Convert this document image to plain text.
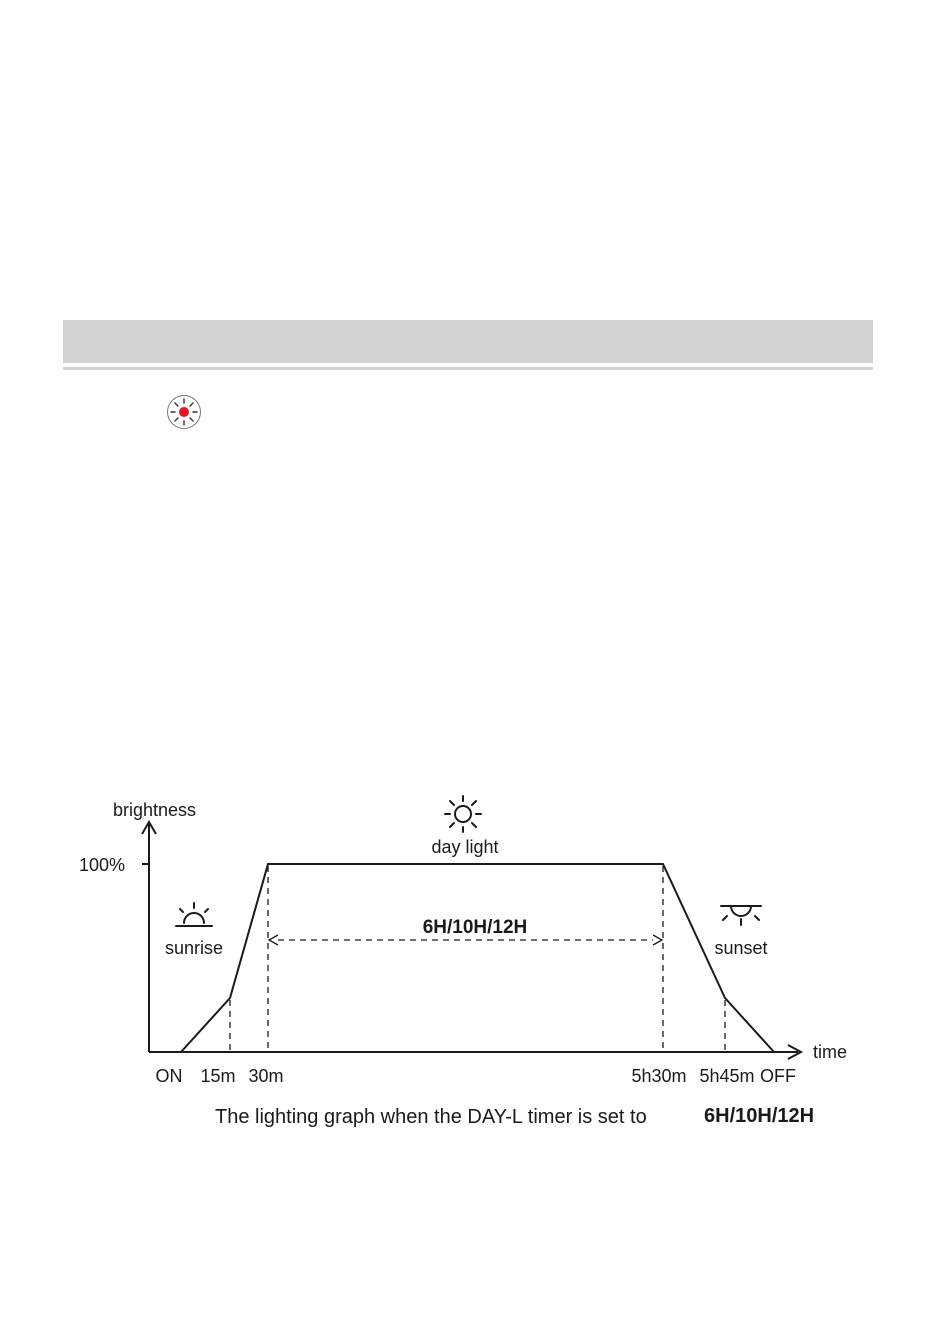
brightness
100%
time
day light
sunrise	sunset
6H/10H/12H
ON 15m 30m	5h30m 5h45m OFF
The lighting graph when the DAY-L timer is set to	6H/10H/12H
